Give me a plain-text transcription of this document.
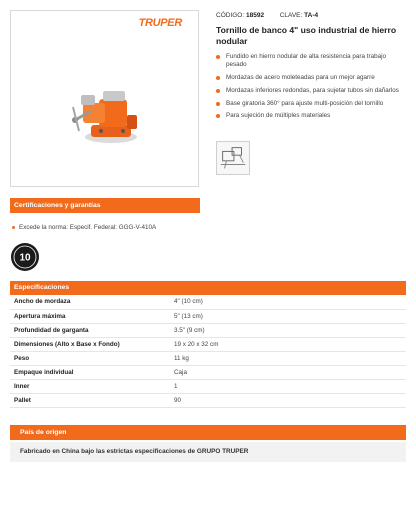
TRUPER
CÓDIGO: 18592 CLAVE: TA-4
Tornillo de banco 4" uso industrial de hierro nodular
Fundido en hierro nodular de alta resistencia para trabajo pesado
Mordazas de acero moleteadas para un mejor agarre
Mordazas inferiores redondas, para sujetar tubos sin dañarlos
Base giratoria 360° para ajuste multi-posición del tornillo
Para sujeción de múltiples materiales
Certificaciones y garantías
Excede la norma: Especif. Federal: GGG-V-410A
10
Especificaciones
Ancho de mordaza	4" (10 cm)
Apertura máxima	5" (13 cm)
Profundidad de garganta	3.5" (9 cm)
Dimensiones (Alto x Base x Fondo)	19 x 20 x 32 cm
Peso	11 kg
Empaque individual	Caja
Inner	1
Pallet	90
País de origen
Fabricado en China bajo las estrictas especificaciones de GRUPO TRUPER
